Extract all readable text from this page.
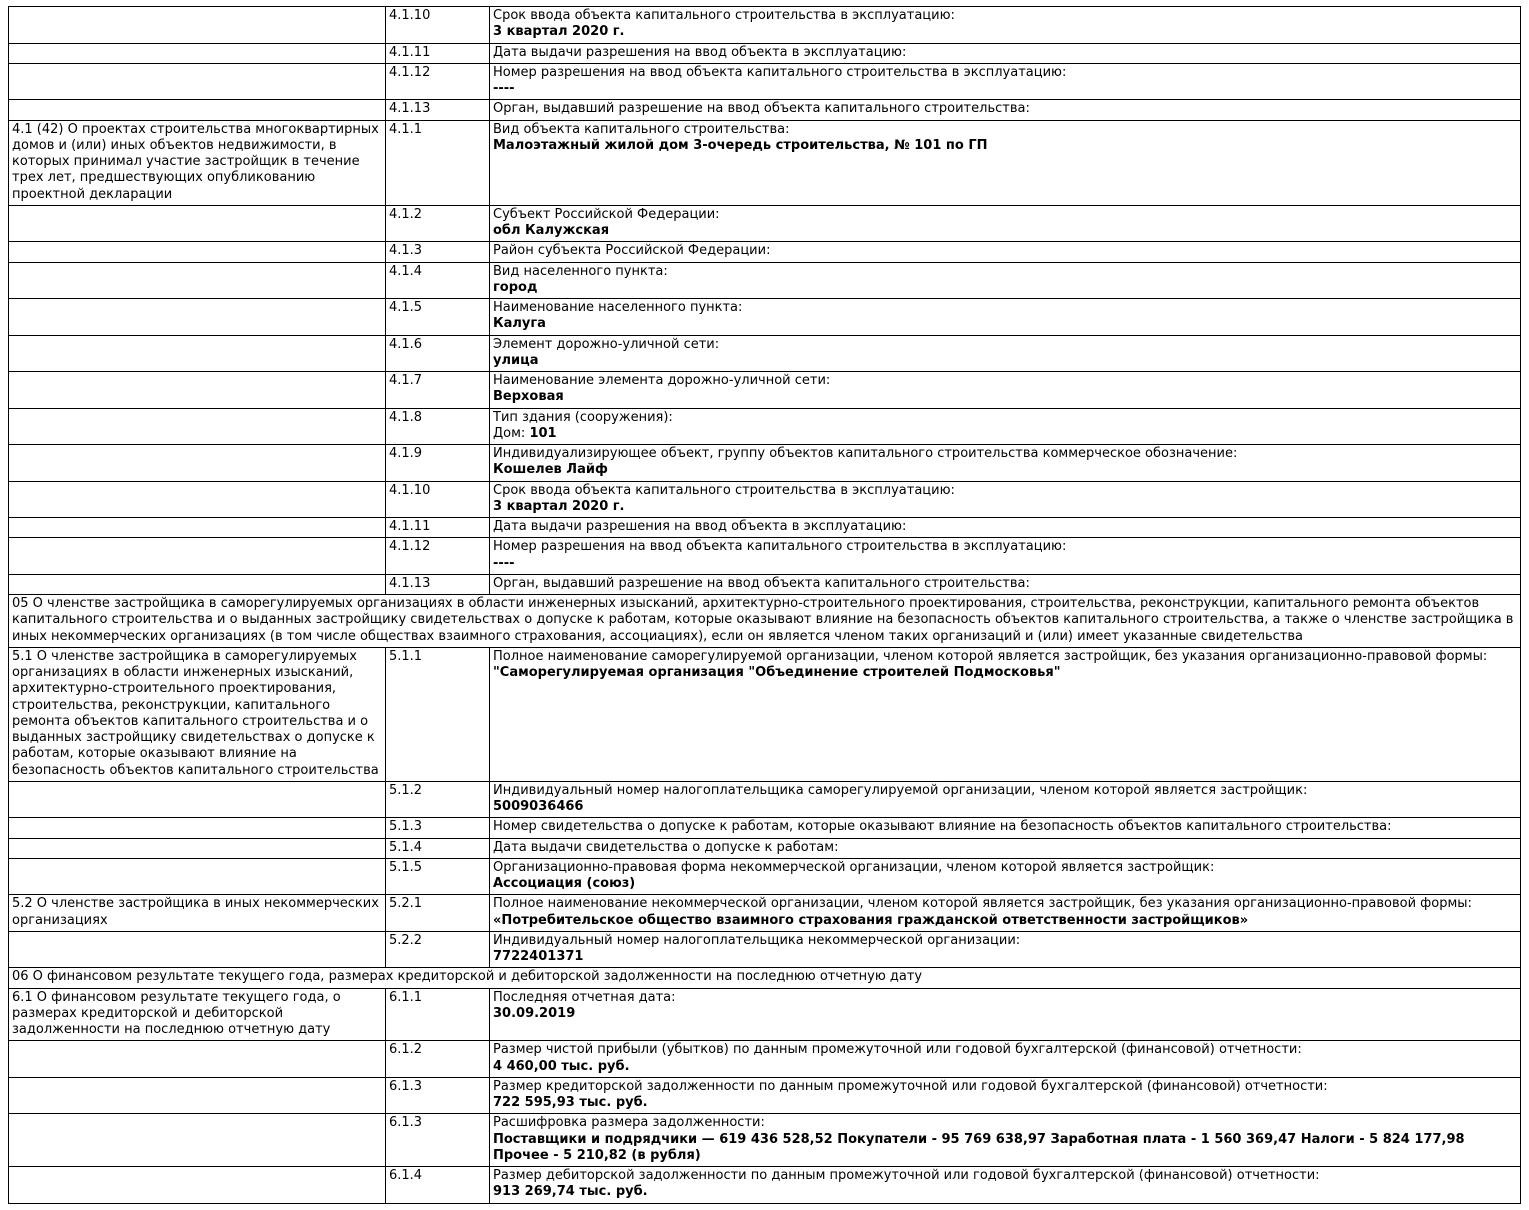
	4.1.10	Срок ввода объекта капитального строительства в эксплуатацию:
3 квартал 2020 г.

	4.1.11	Дата выдачи разрешения на ввод объекта в эксплуатацию:

	4.1.12	Номер разрешения на ввод объекта капитального строительства в эксплуатацию:
----

	4.1.13	Орган, выдавший разрешение на ввод объекта капитального строительства:

4.1 (42) О проектах строительства многоквартирных домов и (или) иных объектов недвижимости, в которых принимал участие застройщик в течение трех лет, предшествующих опубликованию проектной декларации	4.1.1	Вид объекта капитального строительства:
Малоэтажный жилой дом 3-очередь строительства, № 101 по ГП

	4.1.2	Субъект Российской Федерации:
обл Калужская

	4.1.3	Район субъекта Российской Федерации:

	4.1.4	Вид населенного пункта:
город

	4.1.5	Наименование населенного пункта:
Калуга

	4.1.6	Элемент дорожно-уличной сети:
улица

	4.1.7	Наименование элемента дорожно-уличной сети:
Верховая

	4.1.8	Тип здания (сооружения):
Дом: 101

	4.1.9	Индивидуализирующее объект, группу объектов капитального строительства коммерческое обозначение:
Кошелев Лайф

	4.1.10	Срок ввода объекта капитального строительства в эксплуатацию:
3 квартал 2020 г.

	4.1.11	Дата выдачи разрешения на ввод объекта в эксплуатацию:

	4.1.12	Номер разрешения на ввод объекта капитального строительства в эксплуатацию:
----

	4.1.13	Орган, выдавший разрешение на ввод объекта капитального строительства:

05 О членстве застройщика в саморегулируемых организациях в области инженерных изысканий, архитектурно-строительного проектирования, строительства, реконструкции, капитального ремонта объектов капитального строительства и о выданных застройщику свидетельствах о допуске к работам, которые оказывают влияние на безопасность объектов капитального строительства, а также о членстве застройщика в иных некоммерческих организациях (в том числе обществах взаимного страхования, ассоциациях), если он является членом таких организаций и (или) имеет указанные свидетельства		
5.1 О членстве застройщика в саморегулируемых организациях в области инженерных изысканий, архитектурно-строительного проектирования, строительства, реконструкции, капитального ремонта объектов капитального строительства и о выданных застройщику свидетельствах о допуске к работам, которые оказывают влияние на безопасность объектов капитального строительства	5.1.1	Полное наименование саморегулируемой организации, членом которой является застройщик, без указания организационно-правовой формы:
"Саморегулируемая организация "Объединение строителей Подмосковья"

	5.1.2	Индивидуальный номер налогоплательщика саморегулируемой организации, членом которой является застройщик:
5009036466

	5.1.3	Номер свидетельства о допуске к работам, которые оказывают влияние на безопасность объектов капитального строительства:

	5.1.4	Дата выдачи свидетельства о допуске к работам:

	5.1.5	Организационно-правовая форма некоммерческой организации, членом которой является застройщик:
Ассоциация (союз)

5.2 О членстве застройщика в иных некоммерческих организациях	5.2.1	Полное наименование некоммерческой организации, членом которой является застройщик, без указания организационно-правовой формы:
«Потребительское общество взаимного страхования гражданской ответственности застройщиков»

	5.2.2	Индивидуальный номер налогоплательщика некоммерческой организации:
7722401371

06 О финансовом результате текущего года, размерах кредиторской и дебиторской задолженности на последнюю отчетную дату		
6.1 О финансовом результате текущего года, о размерах кредиторской и дебиторской задолженности на последнюю отчетную дату	6.1.1	Последняя отчетная дата:
30.09.2019

	6.1.2	Размер чистой прибыли (убытков) по данным промежуточной или годовой бухгалтерской (финансовой) отчетности:
4 460,00 тыс. руб.

	6.1.3	Размер кредиторской задолженности по данным промежуточной или годовой бухгалтерской (финансовой) отчетности:
722 595,93 тыс. руб.

	6.1.3	Расшифровка размера задолженности:
Поставщики и подрядчики — 619 436 528,52 Покупатели - 95 769 638,97 Заработная плата - 1 560 369,47 Налоги - 5 824 177,98 Прочее - 5 210,82 (в рубля)

	6.1.4	Размер дебиторской задолженности по данным промежуточной или годовой бухгалтерской (финансовой) отчетности:
913 269,74 тыс. руб.
